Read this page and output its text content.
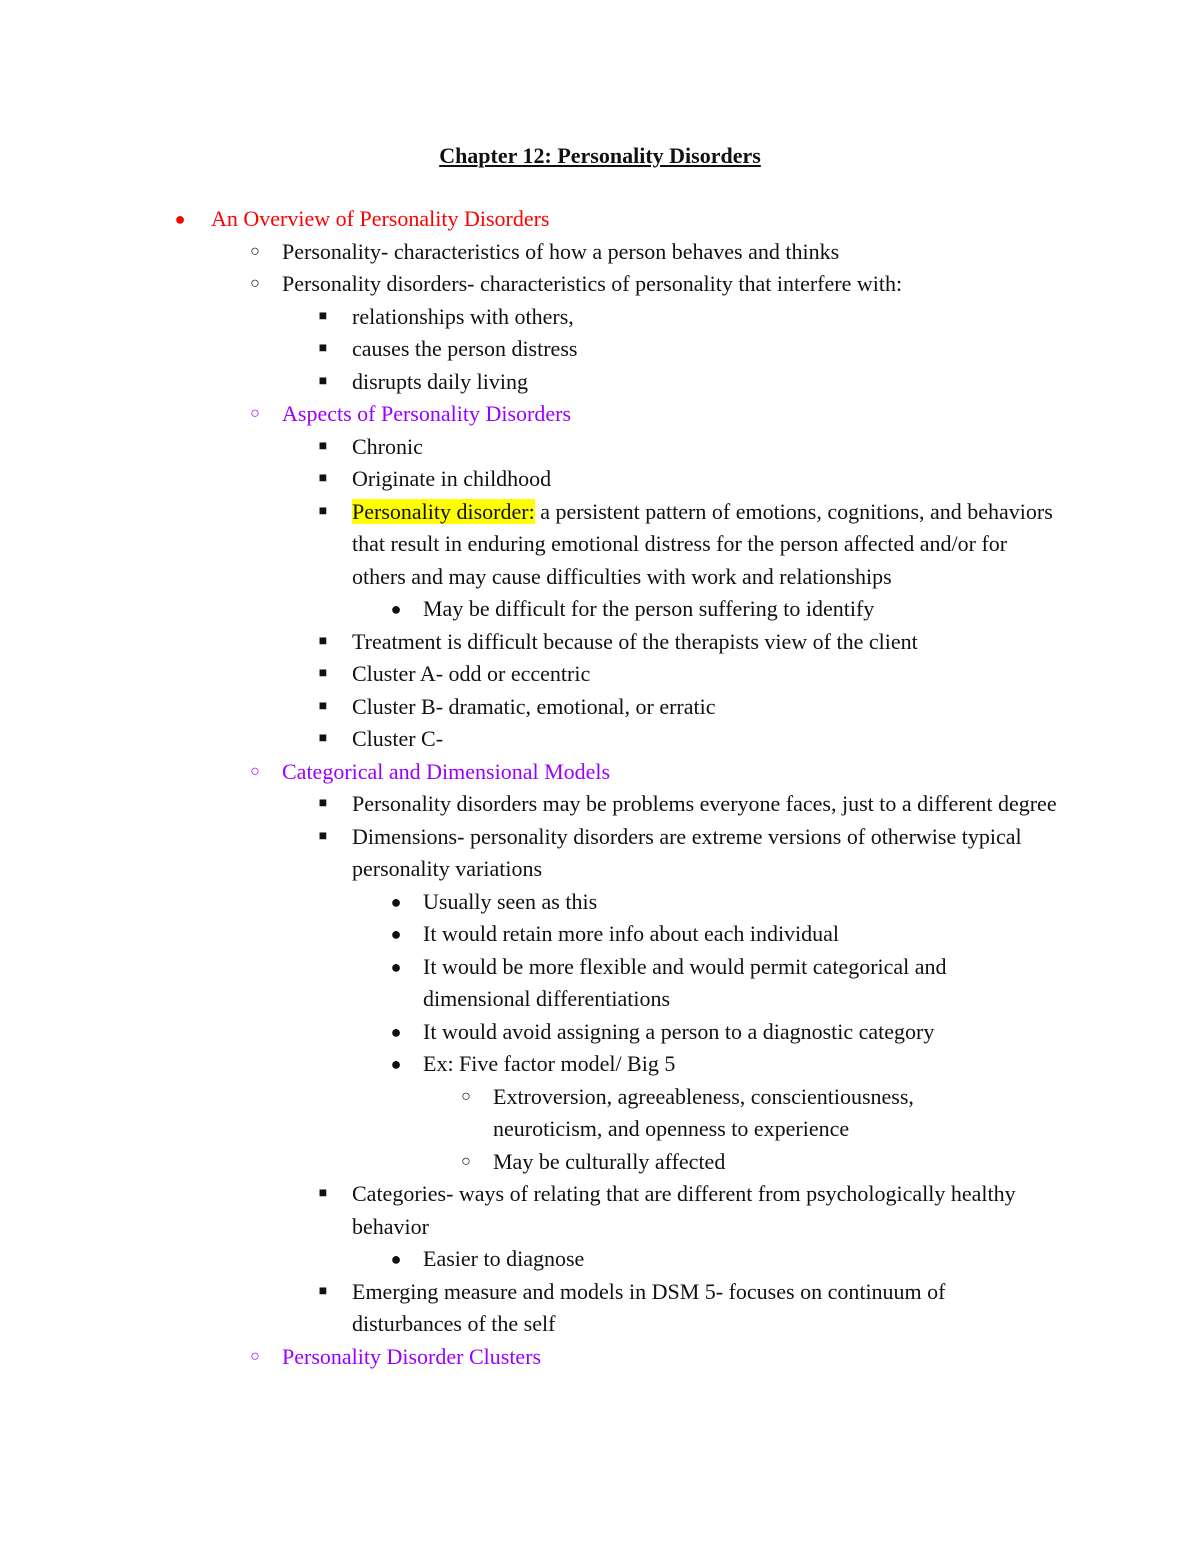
Chapter 12: Personality Disorders
● An Overview of Personality Disorders
○ Personality- characteristics of how a person behaves and thinks
○ Personality disorders- characteristics of personality that interfere with:
■ relationships with others,
■ causes the person distress
■ disrupts daily living
○ Aspects of Personality Disorders
■ Chronic
■ Originate in childhood
■ Personality disorder: a persistent pattern of emotions, cognitions, and behaviors that result in enduring emotional distress for the person affected and/or for others and may cause difficulties with work and relationships
● May be difficult for the person suffering to identify
■ Treatment is difficult because of the therapists view of the client
■ Cluster A- odd or eccentric
■ Cluster B- dramatic, emotional, or erratic
■ Cluster C-
○ Categorical and Dimensional Models
■ Personality disorders may be problems everyone faces, just to a different degree
■ Dimensions- personality disorders are extreme versions of otherwise typical personality variations
● Usually seen as this
● It would retain more info about each individual
● It would be more flexible and would permit categorical and dimensional differentiations
● It would avoid assigning a person to a diagnostic category
● Ex: Five factor model/ Big 5
○ Extroversion, agreeableness, conscientiousness, neuroticism, and openness to experience
○ May be culturally affected
■ Categories- ways of relating that are different from psychologically healthy behavior
● Easier to diagnose
■ Emerging measure and models in DSM 5- focuses on continuum of disturbances of the self
○ Personality Disorder Clusters
